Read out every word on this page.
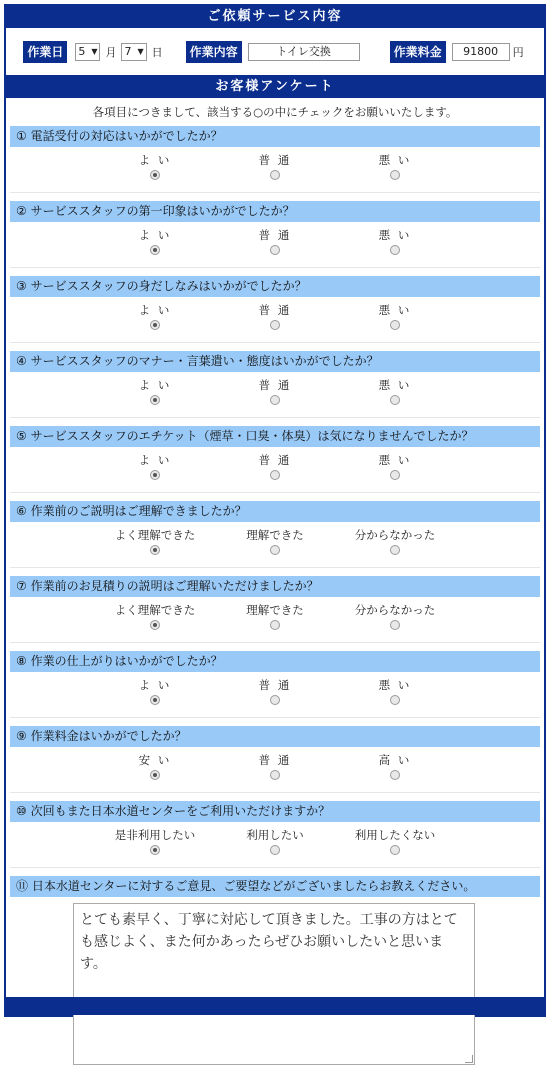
ご依頼サービス内容
作業日	5 ▼ 月 7 ▼ 日	作業内容	トイレ交換	作業料金	91800	円
お客様アンケート
各項目につきまして、該当する○の中にチェックをお願いいたします。
① 電話受付の対応はいかがでしたか？
よ い	普 通	悪 い
② サービススタッフの第一印象はいかがでしたか？
よ い	普 通	悪 い
③ サービススタッフの身だしなみはいかがでしたか？
よ い	普 通	悪 い
④ サービススタッフのマナー・言葉遣い・態度はいかがでしたか？
よ い	普 通	悪 い
⑤ サービススタッフのエチケット（煙草・口臭・体臭）は気になりませんでしたか？
よ い	普 通	悪 い
⑥ 作業前のご説明はご理解できましたか？
よく理解できた	理解できた	分からなかった
⑦ 作業前のお見積りの説明はご理解いただけましたか？
よく理解できた	理解できた	分からなかった
⑧ 作業の仕上がりはいかがでしたか？
よ い	普 通	悪 い
⑨ 作業料金はいかがでしたか？
安 い	普 通	高 い
⑩ 次回もまた日本水道センターをご利用いただけますか？
是非利用したい	利用したい	利用したくない
⑪ 日本水道センターに対するご意見、ご要望などがございましたらお教えください。
とても素早く、丁寧に対応して頂きました。工事の方はとても感じよく、また何かあったらぜひお願いしたいと思います。
